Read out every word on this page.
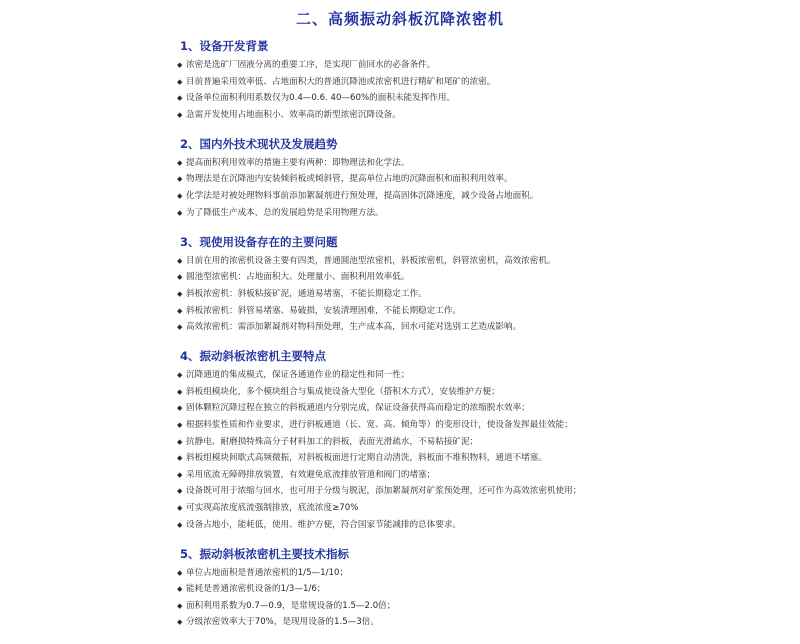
二、高频振动斜板沉降浓密机
1、设备开发背景
◆ 浓密是选矿厂固液分离的重要工序，是实现厂前回水的必备条件。
◆ 目前普遍采用效率低、占地面积大的普通沉降池或浓密机进行精矿和尾矿的浓密。
◆ 设备单位面积利用系数仅为0.4—0.6. 40—60%的面积未能发挥作用。
◆ 急需开发使用占地面积小、效率高的新型浓密沉降设备。
2、国内外技术现状及发展趋势
◆ 提高面积利用效率的措施主要有两种：即物理法和化学法。
◆ 物理法是在沉降池内安装倾斜板或倾斜管，提高单位占地的沉降面积和面积利用效率。
◆ 化学法是对被处理物料事前添加絮凝剂进行预处理，提高固体沉降速度，减少设备占地面积。
◆ 为了降低生产成本，总的发展趋势是采用物理方法。
3、现使用设备存在的主要问题
◆ 目前在用的浓密机设备主要有四类，普通圆池型浓密机，斜板浓密机，斜管浓密机，高效浓密机。
◆ 圆池型浓密机：占地面积大、处理量小、面积利用效率低。
◆ 斜板浓密机：斜板粘接矿泥，通道易堵塞，不能长期稳定工作。
◆ 斜板浓密机：斜管易堵塞、易破损，安装清理困难，不能长期稳定工作。
◆ 高效浓密机：需添加絮凝剂对物料预处理，生产成本高，回水可能对选别工艺造成影响。
4、振动斜板浓密机主要特点
◆ 沉降通道的集成模式，保证各通道作业的稳定性和同一性；
◆ 斜板组模块化，多个模块组合与集成使设备大型化（搭积木方式），安装维护方便；
◆ 固体颗粒沉降过程在独立的斜板通道内分别完成，保证设备获得高而稳定的浓缩脱水效率；
◆ 根据料浆性质和作业要求，进行斜板通道（长、宽、高、倾角等）的变形设计，使设备发挥最佳效能；
◆ 抗静电、耐磨损特殊高分子材料加工的斜板，表面光滑疏水，不易粘接矿泥；
◆ 斜板组模块间歇式高频微振，对斜板板面进行定期自动清洗，斜板面不堆积物料，通道不堵塞。
◆ 采用底流无障碍排放装置，有效避免底流排放管道和阀门的堵塞；
◆ 设备既可用于浓缩与回水，也可用于分级与脱泥，添加絮凝剂对矿浆预处理，还可作为高效浓密机使用；
◆ 可实现高浓度底流强制排放，底流浓度≥70%
◆ 设备占地小，能耗低，使用、维护方便，符合国家节能减排的总体要求。
5、振动斜板浓密机主要技术指标
◆ 单位占地面积是普通浓密机的1/5—1/10；
◆ 能耗是普通浓密机设备的1/3—1/6；
◆ 面积利用系数为0.7—0.9，是常规设备的1.5—2.0倍；
◆ 分级浓密效率大于70%，是现用设备的1.5—3倍。
